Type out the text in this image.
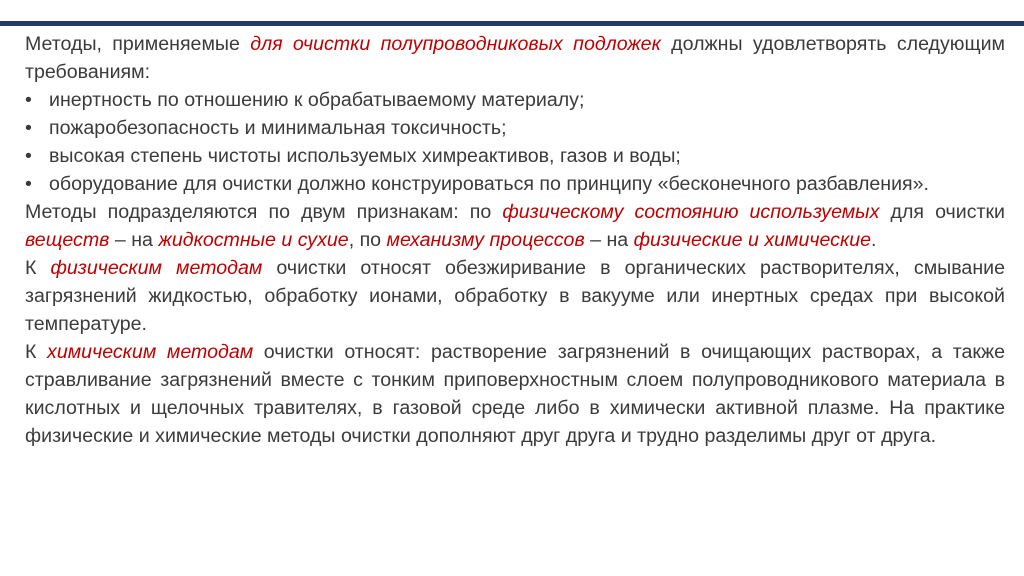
Методы, применяемые для очистки полупроводниковых подложек должны удовлетворять следующим требованиям:

• инертность по отношению к обрабатываемому материалу;
• пожаробезопасность и минимальная токсичность;
• высокая степень чистоты используемых химреактивов, газов и воды;
• оборудование для очистки должно конструироваться по принципу «бесконечного разбавления».

Методы подразделяются по двум признакам: по физическому состоянию используемых для очистки веществ – на жидкостные и сухие, по механизму процессов – на физические и химические.

К физическим методам очистки относят обезжиривание в органических растворителях, смывание загрязнений жидкостью, обработку ионами, обработку в вакууме или инертных средах при высокой температуре.

К химическим методам очистки относят: растворение загрязнений в очищающих растворах, а также стравливание загрязнений вместе с тонким приповерхностным слоем полупроводникового материала в кислотных и щелочных травителях, в газовой среде либо в химически активной плазме. На практике физические и химические методы очистки дополняют друг друга и трудно разделимы друг от друга.
